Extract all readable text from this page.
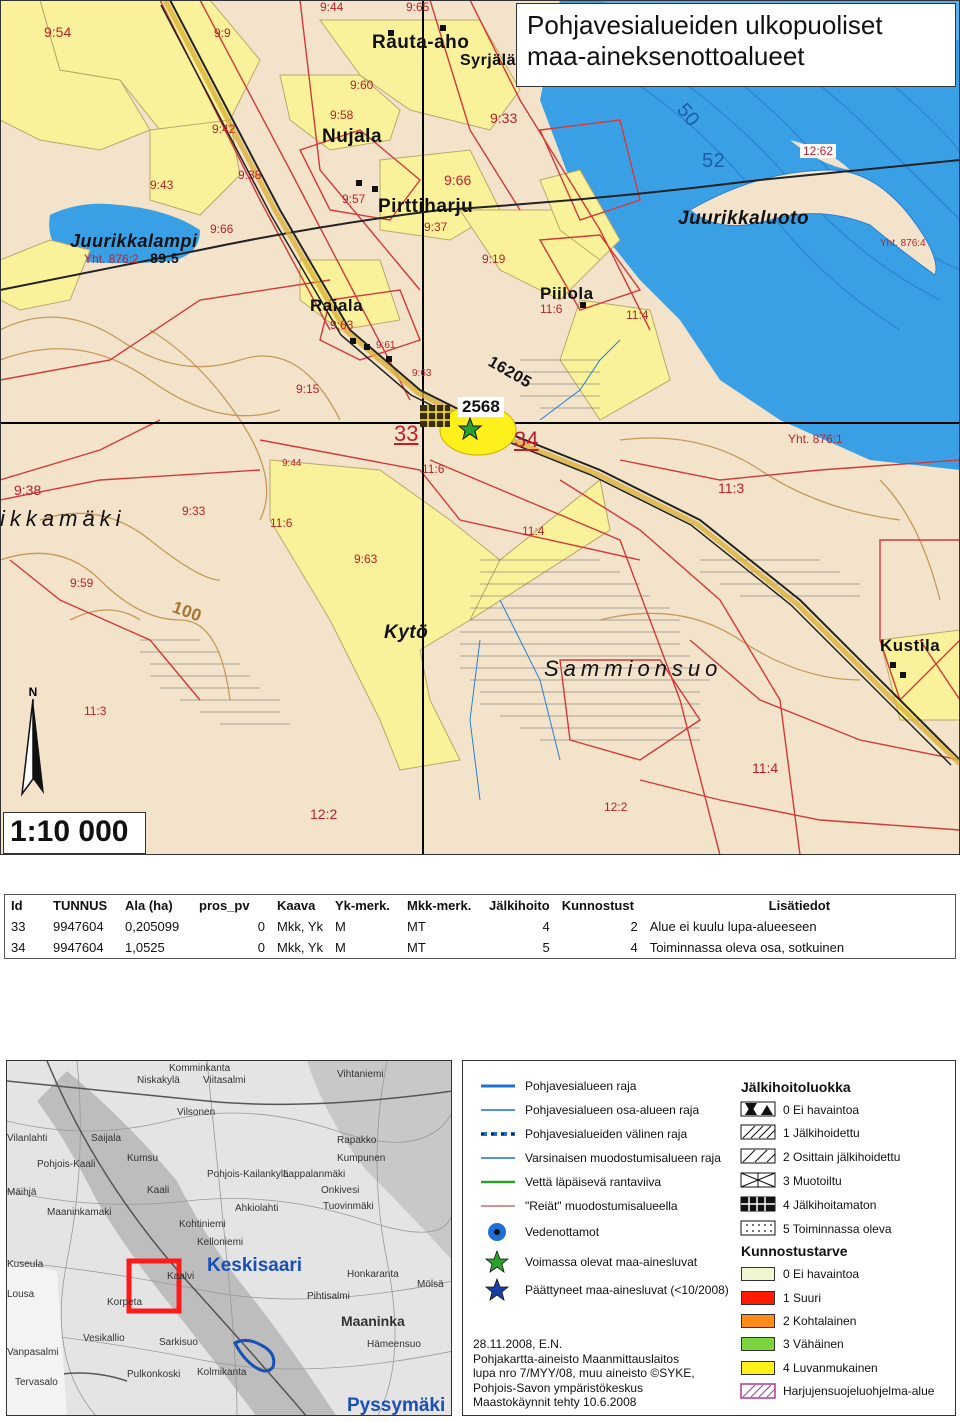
Rauta-aho
Syrjälä
Nujala
Pirttiharju
Juurikkalampi
89.5
Juurikkaluoto
Raiala
Piilola
16205
ikkamäki
Kytö
Sammionsuo
Kustila
100
50
52
9:54	9:9
9:44	9:65
9:60
9:58
9:42
9:43
9:38
9:57
9:66
9:66
9:33
12:62
9:37
9:19
Yht. 876:2
Yht. 876:4
9:63
9:61
9:15
9:63
11:6	11:4
Yht. 876:1
9:44	11:6
9:38
9:33
11:6
11:4
11:3
9:63
9:59
11:3
11:4
12:2	12:2
33	34
2568
Pohjavesialueiden ulkopuoliset maa-aineksenottoalueet
N
1:10 000
Id	TUNNUS	Ala (ha)	pros_pv	Kaava	Yk-merk.	Mkk-merk.	Jälkihoito	Kunnostust	Lisätiedot
33	9947604	0,205099	0	Mkk, Yk	M	MT	4	2	Alue ei kuulu lupa-alueeseen
34	9947604	1,0525	0	Mkk, Yk	M	MT	5	4	Toiminnassa oleva osa, sotkuinen
Komminkanta
Niskakylä Viitasalmi
Vihtaniemi
Vilanlahti	Saijala
Vilsonen
Pohjois-Kaali
Kumsu
Mäihjä
Maaninkamaki
Kaali
Pohjois-Kailankylä
Tuovinmäki
Kohtiniemi
Ahkiolahti
Onkivesi
Rapakko
Kumpunen
Lappalanmäki
Kelloniemi
Honkaranta
Pihtisalmi
Maaninka
Hämeensuo
Lousa
Korpeta
Kaalvi
Vesikallio
Vanpasalmi
Sarkisuo
Kolmikanta
Pulkonkoski
Tervasalo
Kuseula
Mölsä
Keskisaari
Pyssymäki
Pohjavesialueen raja
Pohjavesialueen osa-alueen raja
Pohjavesialueiden välinen raja
Varsinaisen muodostumisalueen raja
Vettä läpäisevä rantaviiva
"Reiät" muodostumisalueella
Vedenottamot
Voimassa olevat maa-ainesluvat
Päättyneet maa-ainesluvat (<10/2008)
Jälkihoitoluokka
0 Ei havaintoa
1 Jälkihoidettu
2 Osittain jälkihoidettu
3 Muotoiltu
4 Jälkihoitamaton
5 Toiminnassa oleva
Kunnostustarve
0 Ei havaintoa
1 Suuri
2 Kohtalainen
3 Vähäinen
4 Luvanmukainen
Harjujensuojeluohjelma-alue
28.11.2008, E.N.
Pohjakartta-aineisto Maanmittauslaitos
lupa nro 7/MYY/08, muu aineisto ©SYKE,
Pohjois-Savon ympäristökeskus
Maastokäynnit tehty 10.6.2008
